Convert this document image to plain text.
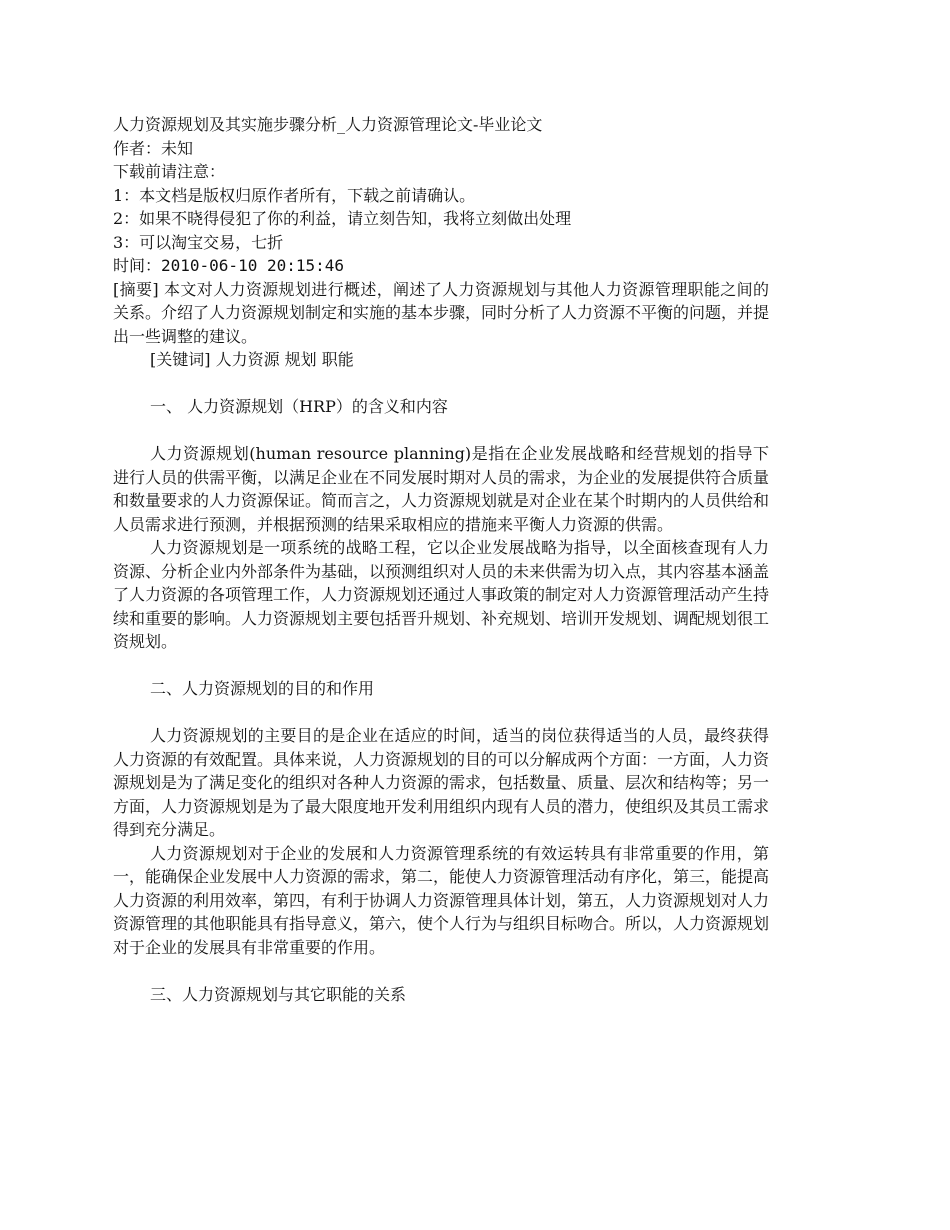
人力资源规划及其实施步骤分析_人力资源管理论文-毕业论文
作者：未知
下载前请注意：
1：本文档是版权归原作者所有，下载之前请确认。
2：如果不晓得侵犯了你的利益，请立刻告知，我将立刻做出处理
3：可以淘宝交易，七折
时间：2010-06-10 20:15:46

[摘要] 本文对人力资源规划进行概述，阐述了人力资源规划与其他人力资源管理职能之间的关系。介绍了人力资源规划制定和实施的基本步骤，同时分析了人力资源不平衡的问题，并提出一些调整的建议。

[关键词] 人力资源 规划 职能
一、 人力资源规划（HRP）的含义和内容

人力资源规划(human resource planning)是指在企业发展战略和经营规划的指导下进行人员的供需平衡，以满足企业在不同发展时期对人员的需求，为企业的发展提供符合质量和数量要求的人力资源保证。简而言之，人力资源规划就是对企业在某个时期内的人员供给和人员需求进行预测，并根据预测的结果采取相应的措施来平衡人力资源的供需。

人力资源规划是一项系统的战略工程，它以企业发展战略为指导，以全面核查现有人力资源、分析企业内外部条件为基础，以预测组织对人员的未来供需为切入点，其内容基本涵盖了人力资源的各项管理工作，人力资源规划还通过人事政策的制定对人力资源管理活动产生持续和重要的影响。人力资源规划主要包括晋升规划、补充规划、培训开发规划、调配规划很工资规划。

二、人力资源规划的目的和作用

人力资源规划的主要目的是企业在适应的时间，适当的岗位获得适当的人员，最终获得人力资源的有效配置。具体来说，人力资源规划的目的可以分解成两个方面：一方面，人力资源规划是为了满足变化的组织对各种人力资源的需求，包括数量、质量、层次和结构等；另一方面，人力资源规划是为了最大限度地开发利用组织内现有人员的潜力，使组织及其员工需求得到充分满足。

人力资源规划对于企业的发展和人力资源管理系统的有效运转具有非常重要的作用，第一，能确保企业发展中人力资源的需求，第二，能使人力资源管理活动有序化，第三，能提高人力资源的利用效率，第四，有利于协调人力资源管理具体计划，第五，人力资源规划对人力资源管理的其他职能具有指导意义，第六，使个人行为与组织目标吻合。所以，人力资源规划对于企业的发展具有非常重要的作用。

三、人力资源规划与其它职能的关系
